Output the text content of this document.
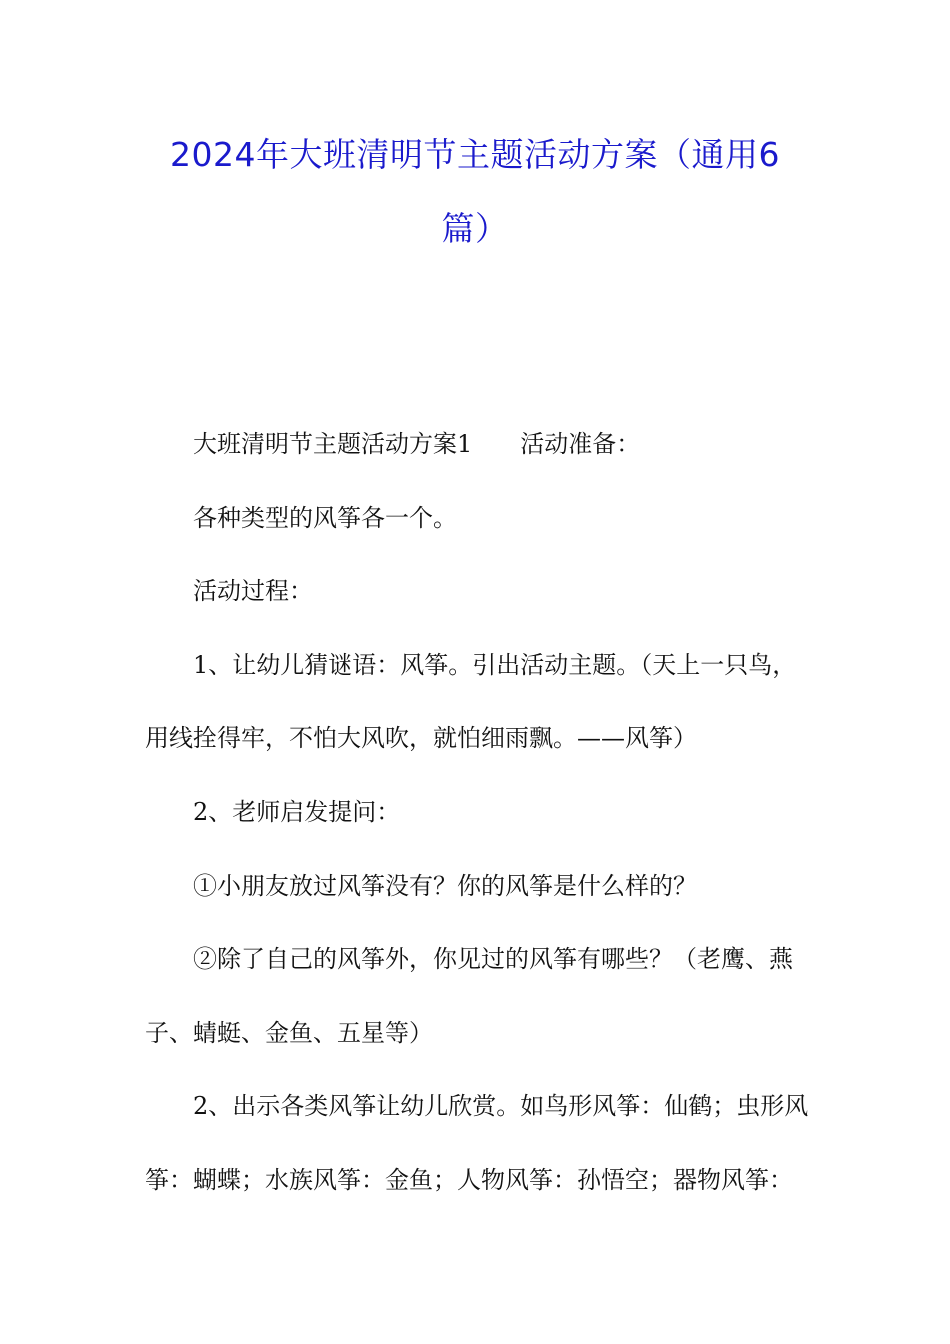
2024年大班清明节主题活动方案（通用6
篇）

大班清明节主题活动方案1 活动准备：

各种类型的风筝各一个。

活动过程：

1、让幼儿猜谜语：风筝。引出活动主题。（天上一只鸟，

用线拴得牢，不怕大风吹，就怕细雨飘。——风筝）

2、老师启发提问：

①小朋友放过风筝没有？你的风筝是什么样的？

②除了自己的风筝外，你见过的风筝有哪些？（老鹰、燕

子、蜻蜓、金鱼、五星等）

2、出示各类风筝让幼儿欣赏。如鸟形风筝：仙鹤；虫形风

筝：蝴蝶；水族风筝：金鱼；人物风筝：孙悟空；器物风筝：
